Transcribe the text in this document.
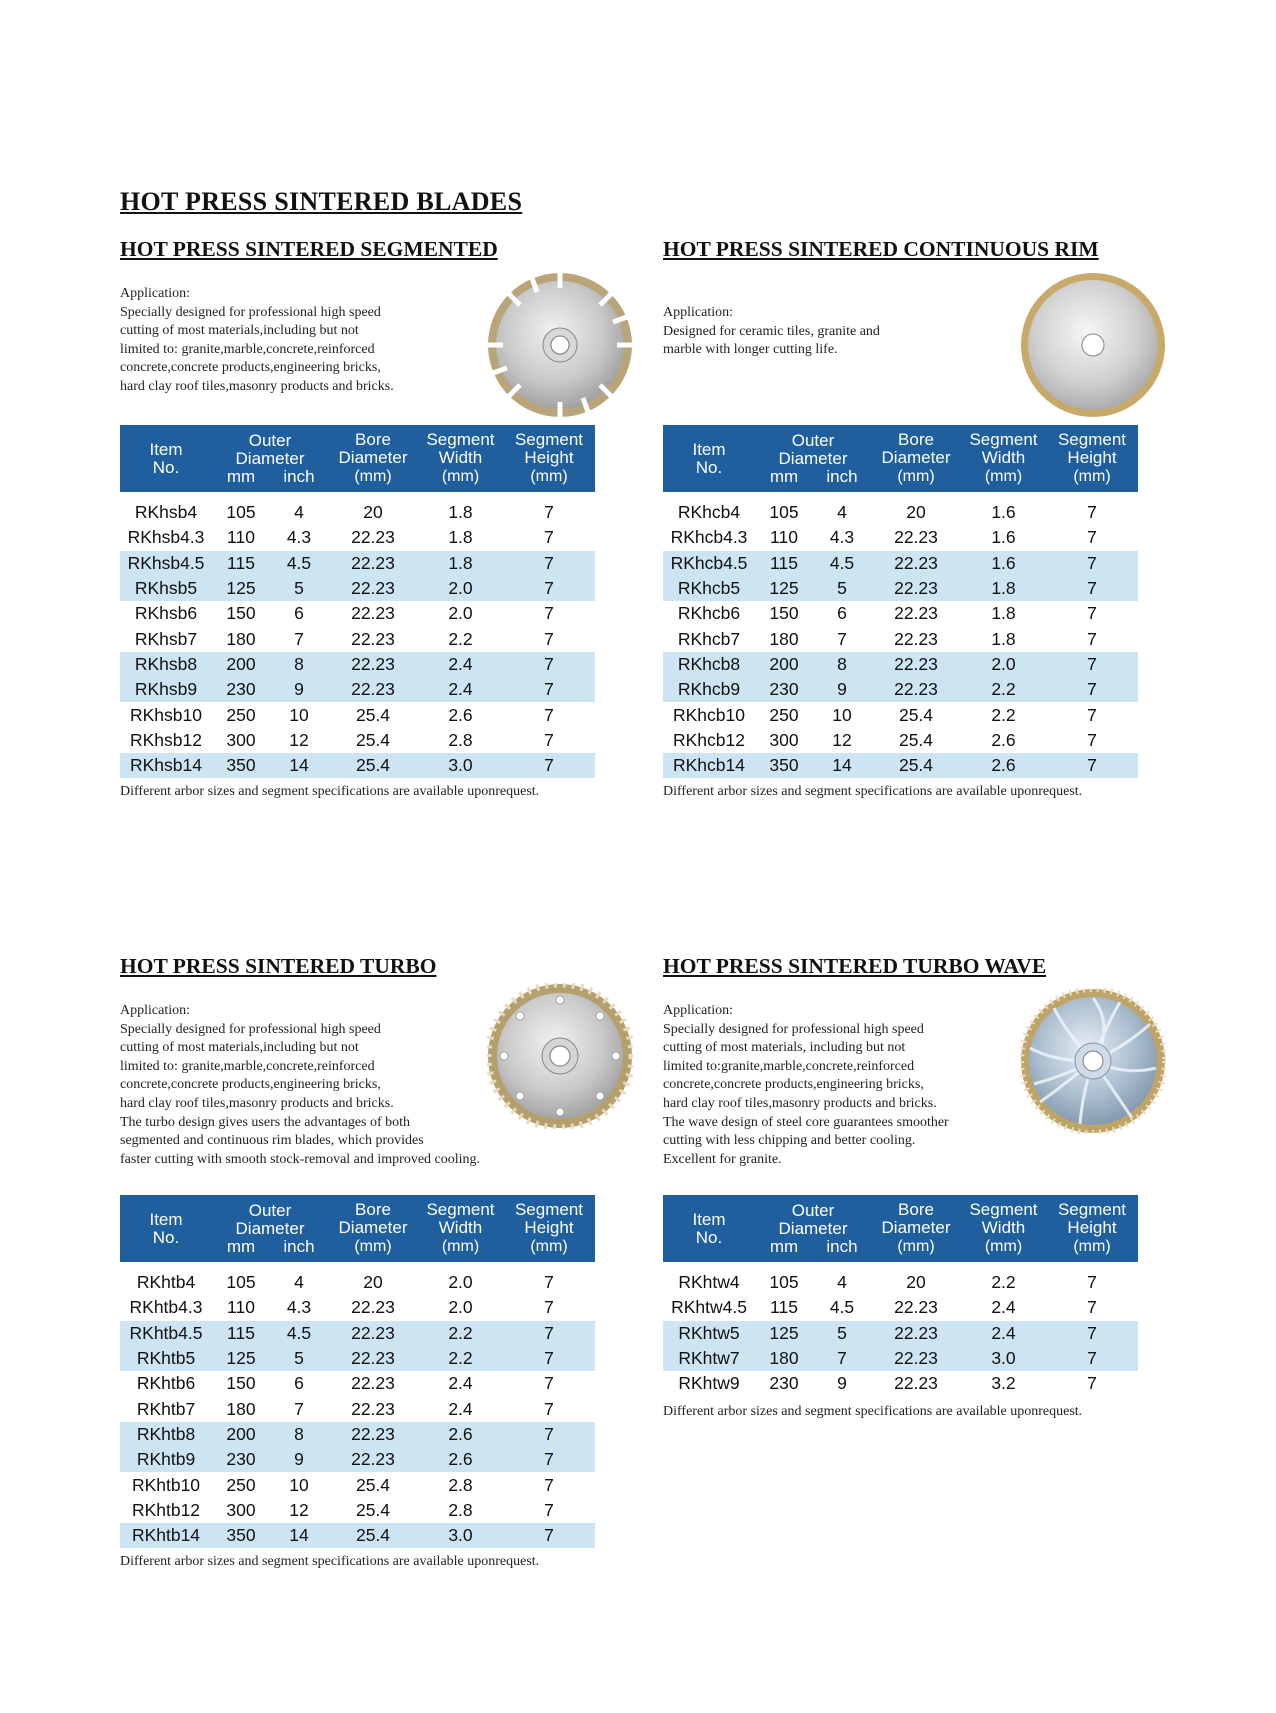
HOT PRESS SINTERED BLADES
HOT PRESS SINTERED SEGMENTED
Application:
Specially designed for professional high speed
cutting of most materials,including but not
limited to: granite,marble,concrete,reinforced
concrete,concrete products,engineering bricks,
hard clay roof tiles,masonry products and bricks.
Item
No.	Outer Diameter
mm inch		Bore
Diameter
(mm)	Segment
Width
(mm)	Segment
Height
(mm)

RKhsb4	105	4	20	1.8	7
RKhsb4.3	110	4.3	22.23	1.8	7
RKhsb4.5	115	4.5	22.23	1.8	7
RKhsb5	125	5	22.23	2.0	7
RKhsb6	150	6	22.23	2.0	7
RKhsb7	180	7	22.23	2.2	7
RKhsb8	200	8	22.23	2.4	7
RKhsb9	230	9	22.23	2.4	7
RKhsb10	250	10	25.4	2.6	7
RKhsb12	300	12	25.4	2.8	7
RKhsb14	350	14	25.4	3.0	7

Different arbor sizes and segment specifications are available uponrequest.

HOT PRESS SINTERED CONTINUOUS RIM
Application:
Designed for ceramic tiles, granite and
marble with longer cutting life.
Item
No.	Outer Diameter
mm inch		Bore
Diameter
(mm)	Segment
Width
(mm)	Segment
Height
(mm)

RKhcb4	105	4	20	1.6	7
RKhcb4.3	110	4.3	22.23	1.6	7
RKhcb4.5	115	4.5	22.23	1.6	7
RKhcb5	125	5	22.23	1.8	7
RKhcb6	150	6	22.23	1.8	7
RKhcb7	180	7	22.23	1.8	7
RKhcb8	200	8	22.23	2.0	7
RKhcb9	230	9	22.23	2.2	7
RKhcb10	250	10	25.4	2.2	7
RKhcb12	300	12	25.4	2.6	7
RKhcb14	350	14	25.4	2.6	7

Different arbor sizes and segment specifications are available uponrequest.

HOT PRESS SINTERED TURBO
Application:
Specially designed for professional high speed
cutting of most materials,including but not
limited to: granite,marble,concrete,reinforced
concrete,concrete products,engineering bricks,
hard clay roof tiles,masonry products and bricks.
The turbo design gives users the advantages of both
segmented and continuous rim blades, which provides
faster cutting with smooth stock-removal and improved cooling.
Item
No.	Outer Diameter
mm inch		Bore
Diameter
(mm)	Segment
Width
(mm)	Segment
Height
(mm)

RKhtb4	105	4	20	2.0	7
RKhtb4.3	110	4.3	22.23	2.0	7
RKhtb4.5	115	4.5	22.23	2.2	7
RKhtb5	125	5	22.23	2.2	7
RKhtb6	150	6	22.23	2.4	7
RKhtb7	180	7	22.23	2.4	7
RKhtb8	200	8	22.23	2.6	7
RKhtb9	230	9	22.23	2.6	7
RKhtb10	250	10	25.4	2.8	7
RKhtb12	300	12	25.4	2.8	7
RKhtb14	350	14	25.4	3.0	7

Different arbor sizes and segment specifications are available uponrequest.

HOT PRESS SINTERED TURBO WAVE
Application:
Specially designed for professional high speed
cutting of most materials, including but not
limited to:granite,marble,concrete,reinforced
concrete,concrete products,engineering bricks,
hard clay roof tiles,masonry products and bricks.
The wave design of steel core guarantees smoother
cutting with less chipping and better cooling.
Excellent for granite.
Item
No.	Outer Diameter
mm inch		Bore
Diameter
(mm)	Segment
Width
(mm)	Segment
Height
(mm)

RKhtw4	105	4	20	2.2	7
RKhtw4.5	115	4.5	22.23	2.4	7
RKhtw5	125	5	22.23	2.4	7
RKhtw7	180	7	22.23	3.0	7
RKhtw9	230	9	22.23	3.2	7

Different arbor sizes and segment specifications are available uponrequest.
